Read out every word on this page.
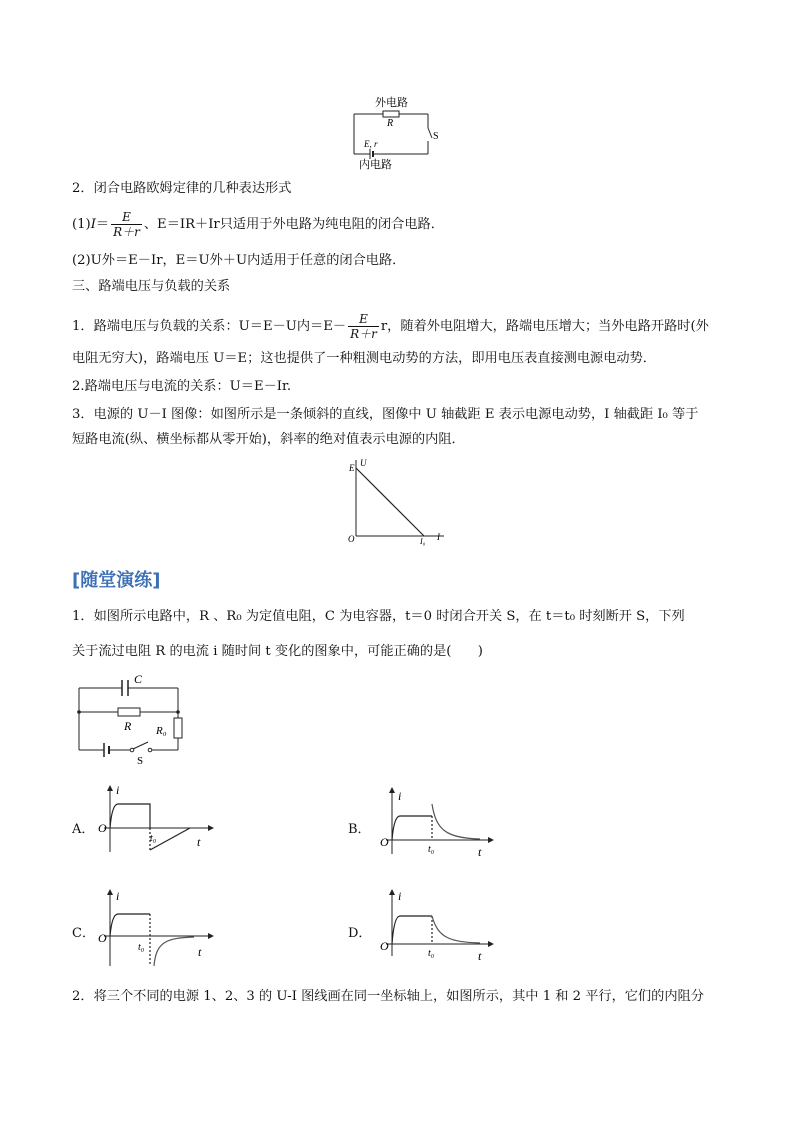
外电路
R
S
E, r
内电路
2．闭合电路欧姆定律的几种表达形式
$(1)I= \frac{E}{R+r}$ 、E＝IR＋Ir只适用于外电路为纯电阻的闭合电路．
(2)U外＝E－Ir，E＝U外＋U内适用于任意的闭合电路．
三、路端电压与负载的关系
1．路端电压与负载的关系：U＝E－U内$=E- \frac{E}{R+r}$ r，随着外电阻增大，路端电压增大；当外电路开路时(外
电阻无穷大)，路端电压 U＝E；这也提供了一种粗测电动势的方法，即用电压表直接测电源电动势．
2.路端电压与电流的关系：U＝E－Ir.
3．电源的 U－I 图像：如图所示是一条倾斜的直线，图像中 U 轴截距 E 表示电源电动势，I 轴截距 I₀ 等于
短路电流(纵、横坐标都从零开始)，斜率的绝对值表示电源的内阻．
U
E
O	I₀ I
[随堂演练]
1．如图所示电路中，R 、R₀ 为定值电阻，C 为电容器，t＝0 时闭合开关 S，在 t＝t₀ 时刻断开 S，下列
关于流过电阻 R 的电流 i 随时间 t 变化的图象中，可能正确的是(　　)
C
R R₀
S
A．
i
O
t₀	t
B．
i
O
t₀	t
C．
i
O
t₀	t
D．
i
O
t₀	t
2．将三个不同的电源 1、2、3 的 U-I 图线画在同一坐标轴上，如图所示，其中 1 和 2 平行，它们的内阻分
